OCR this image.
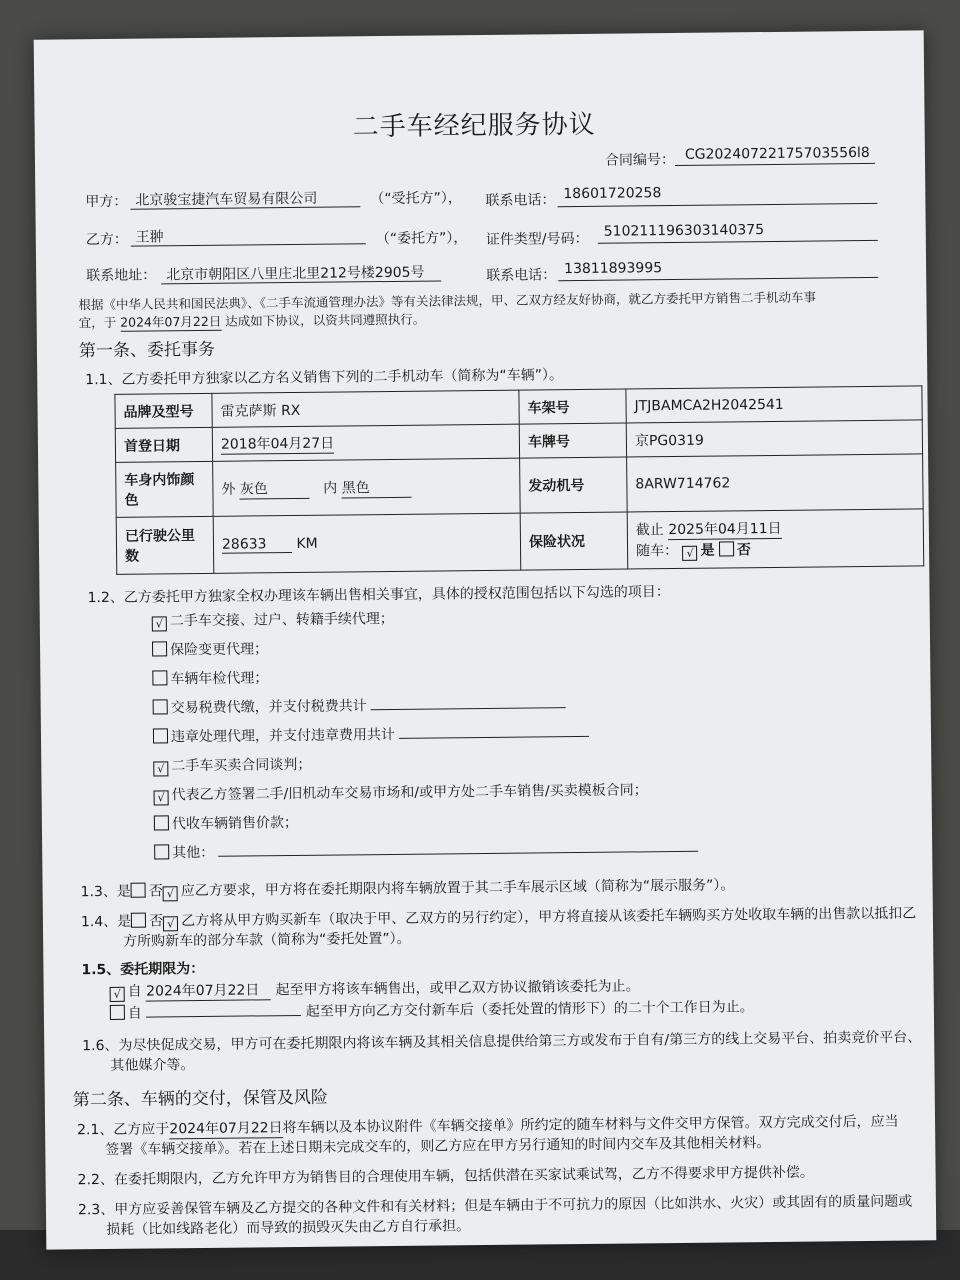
二手车经纪服务协议
合同编号： CG20240722175703556l8
甲方： 北京骏宝捷汽车贸易有限公司	（“受托方”）， 联系电话： 18601720258
乙方： 王翀	（“委托方”）， 证件类型/号码： 510211196303140375
联系地址： 北京市朝阳区八里庄北里212号楼2905号	联系电话： 13811893995
根据《中华人民共和国民法典》、《二手车流通管理办法》等有关法律法规，甲、乙双方经友好协商，就乙方委托甲方销售二手机动车事
宜，于 2024年07月22日 达成如下协议，以资共同遵照执行。
第一条、委托事务
1.1、乙方委托甲方独家以乙方名义销售下列的二手机动车（简称为“车辆”）。
品牌及型号	雷克萨斯 RX	车架号	JTJBAMCA2H2042541
首登日期	2018年04月27日	车牌号	京PG0319
车身内饰颜色	外 灰色 内 黑色	发动机号	8ARW714762
已行驶公里数	28633 KM	保险状况	截止 2025年04月11日
随车： √ 是 否
1.2、乙方委托甲方独家全权办理该车辆出售相关事宜，具体的授权范围包括以下勾选的项目：
√ 二手车交接、过户、转籍手续代理；
保险变更代理；
车辆年检代理；
交易税费代缴，并支付税费共计
违章处理代理，并支付违章费用共计
√ 二手车买卖合同谈判；
√ 代表乙方签署二手/旧机动车交易市场和/或甲方处二手车销售/买卖模板合同；
代收车辆销售价款；
其他：
1.3、是 否 √ 应乙方要求，甲方将在委托期限内将车辆放置于其二手车展示区域（简称为“展示服务”）。
1.4、是 否 √ 乙方将从甲方购买新车（取决于甲、乙双方的另行约定），甲方将直接从该委托车辆购买方处收取车辆的出售款以抵扣乙
方所购新车的部分车款（简称为“委托处置”）。
1.5、委托期限为：
√ 自 2024年07月22日 起至甲方将该车辆售出，或甲乙双方协议撤销该委托为止。
自	起至甲方向乙方交付新车后（委托处置的情形下）的二十个工作日为止。
1.6、为尽快促成交易，甲方可在委托期限内将该车辆及其相关信息提供给第三方或发布于自有/第三方的线上交易平台、拍卖竞价平台、
其他媒介等。
第二条、车辆的交付，保管及风险
2.1、乙方应于2024年07月22日将车辆以及本协议附件《车辆交接单》所约定的随车材料与文件交甲方保管。双方完成交付后，应当
签署《车辆交接单》。若在上述日期未完成交车的，则乙方应在甲方另行通知的时间内交车及其他相关材料。
2.2、在委托期限内，乙方允许甲方为销售目的合理使用车辆，包括供潜在买家试乘试驾，乙方不得要求甲方提供补偿。
2.3、甲方应妥善保管车辆及乙方提交的各种文件和有关材料；但是车辆由于不可抗力的原因（比如洪水、火灾）或其固有的质量问题或
损耗（比如线路老化）而导致的损毁灭失由乙方自行承担。
